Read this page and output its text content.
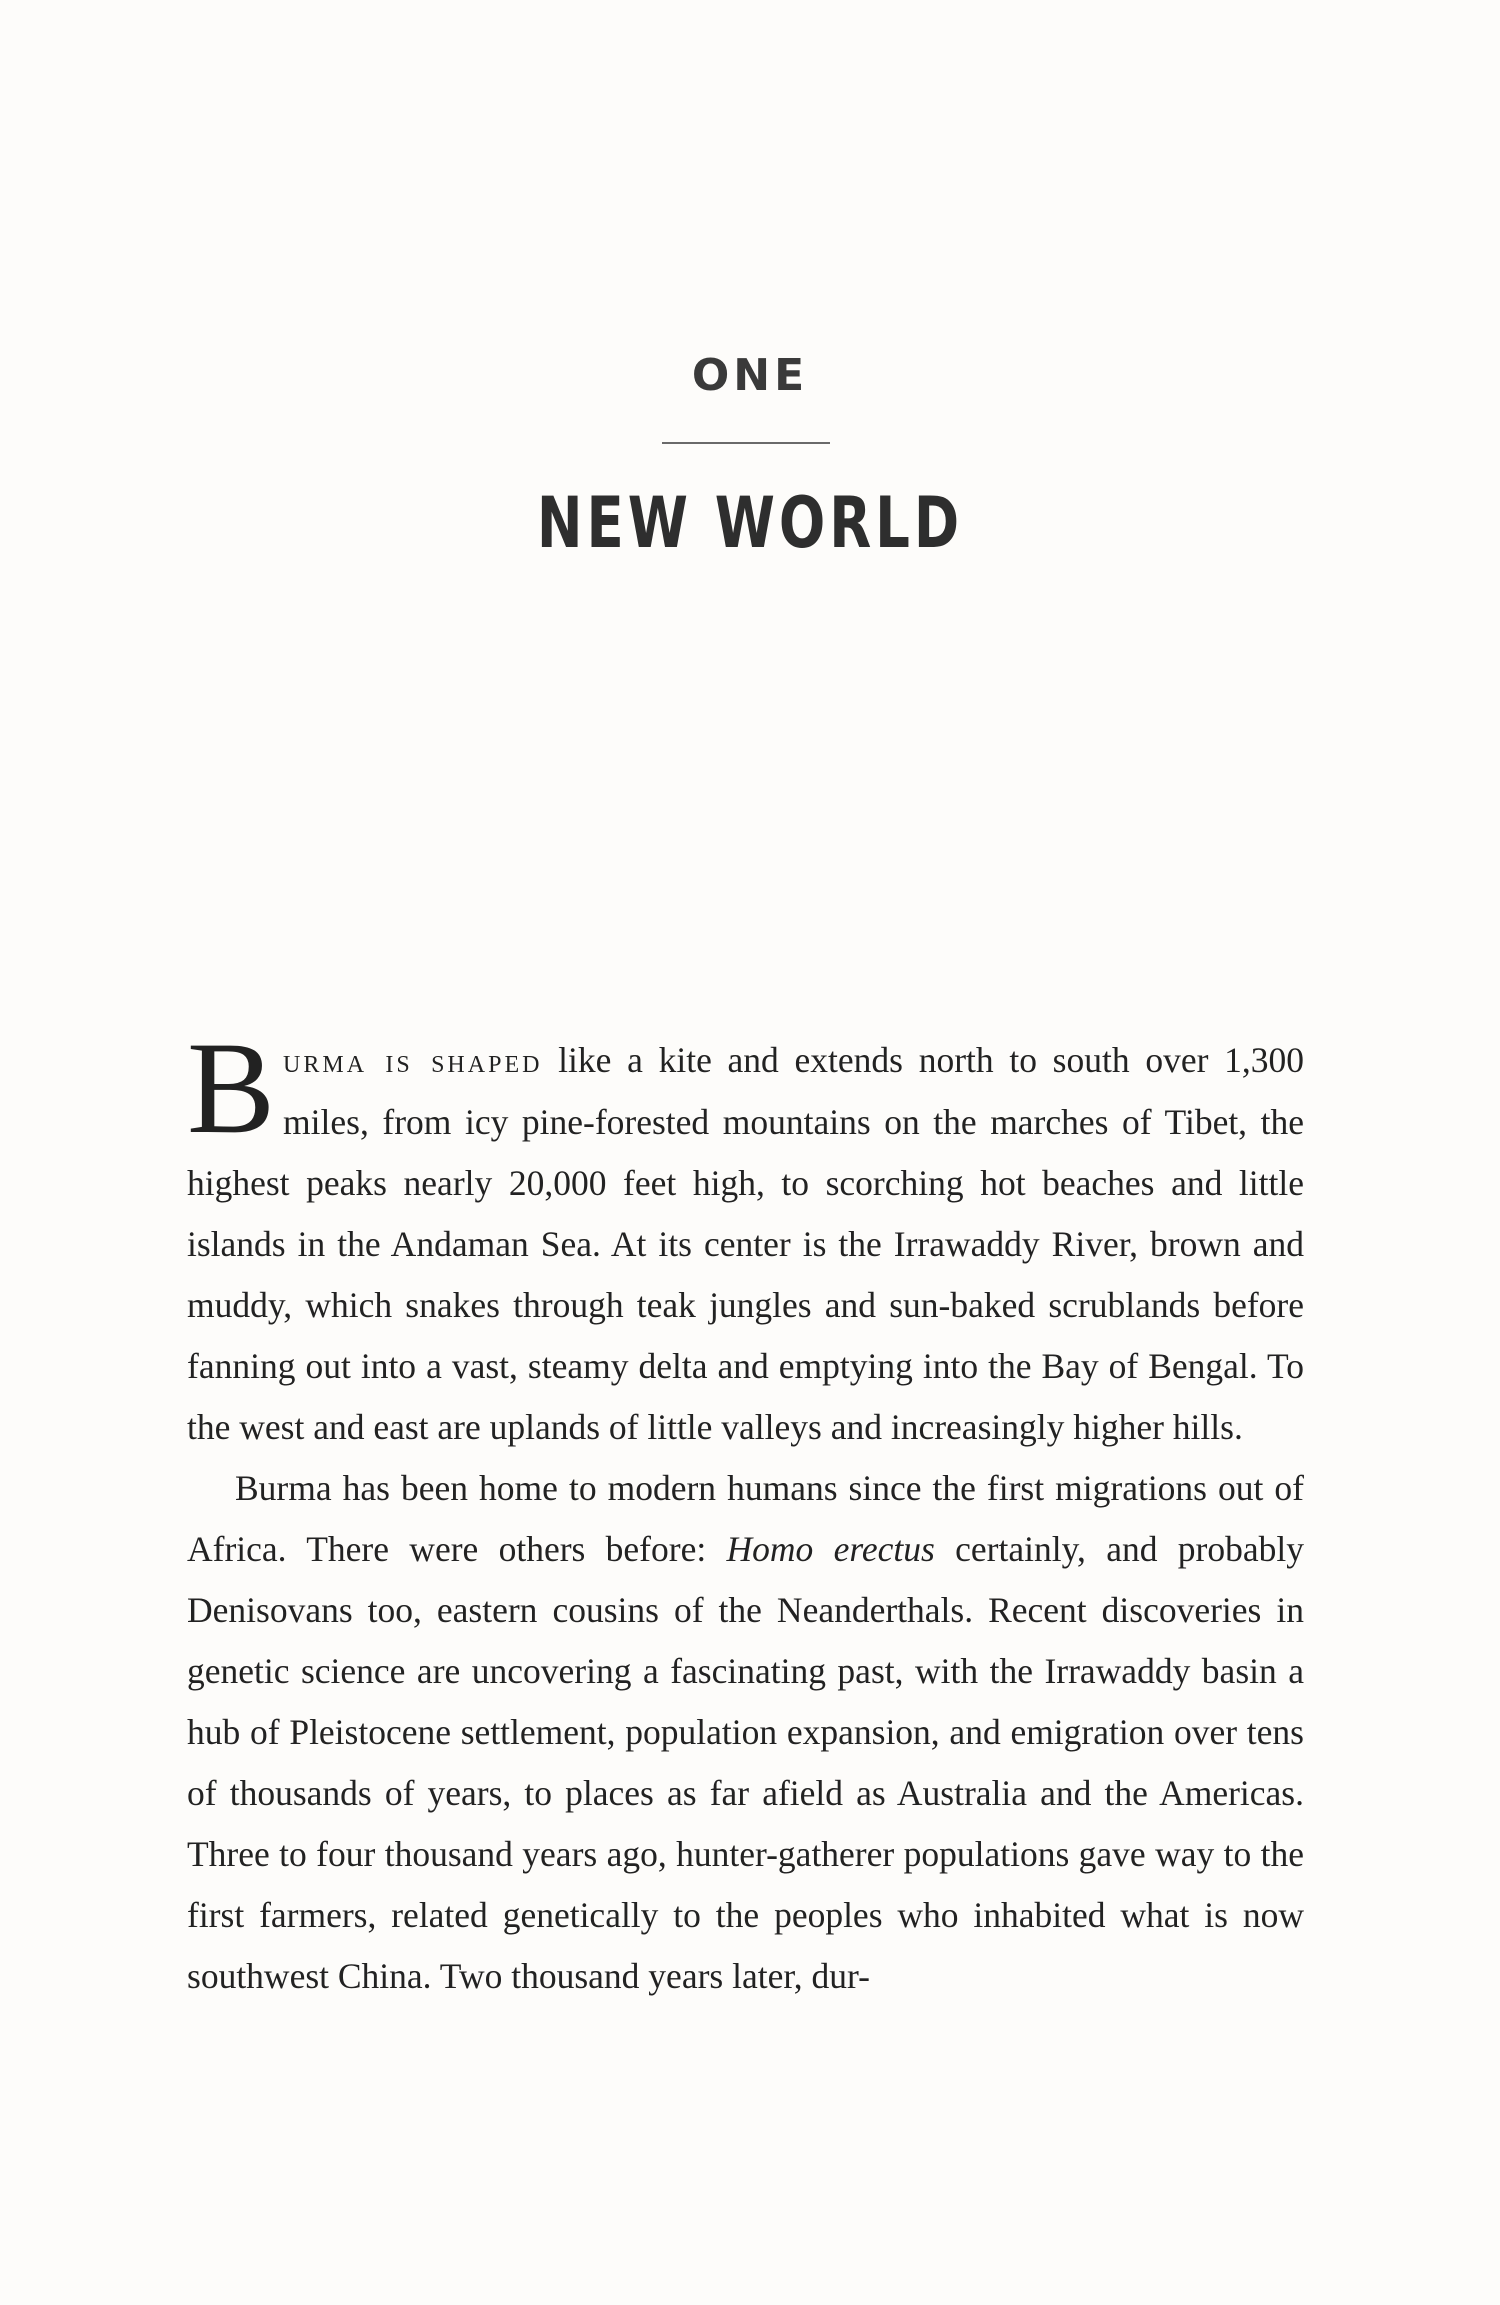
ONE
NEW WORLD

Burma is shaped like a kite and extends north to south over 1,300 miles, from icy pine-forested mountains on the marches of Tibet, the highest peaks nearly 20,000 feet high, to scorching hot beaches and little islands in the Andaman Sea. At its center is the Irrawaddy River, brown and muddy, which snakes through teak jungles and sun-baked scrublands before fanning out into a vast, steamy delta and emptying into the Bay of Bengal. To the west and east are uplands of little valleys and increasingly higher hills.

Burma has been home to modern humans since the first migrations out of Africa. There were others before: Homo erectus certainly, and probably Denisovans too, eastern cousins of the Neanderthals. Recent discoveries in genetic science are uncovering a fascinating past, with the Irrawaddy basin a hub of Pleistocene settlement, population expansion, and emigration over tens of thousands of years, to places as far afield as Australia and the Americas. Three to four thousand years ago, hunter-gatherer populations gave way to the first farmers, related genetically to the peoples who inhabited what is now southwest China. Two thousand years later, dur-
